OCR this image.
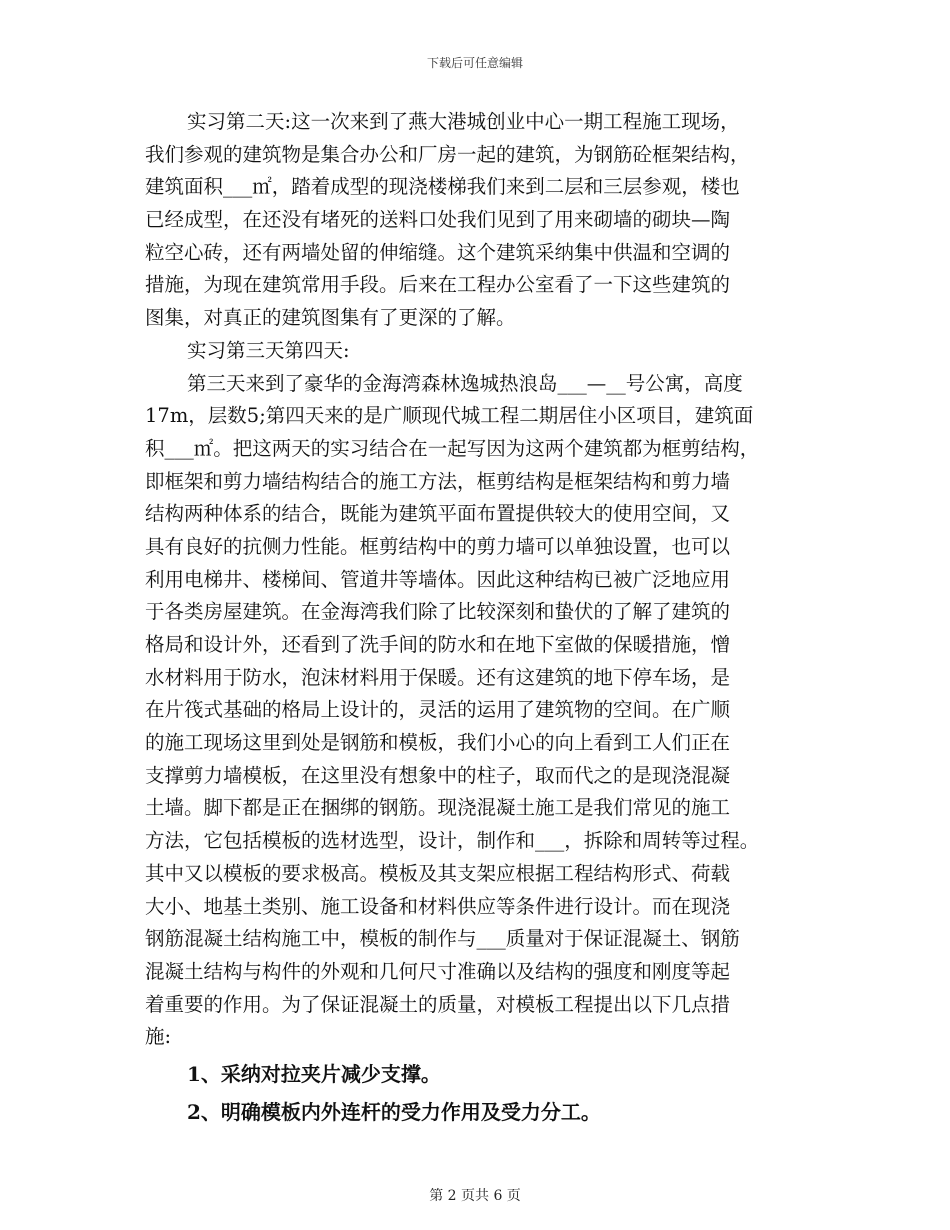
下载后可任意编辑
实习第二天:这一次来到了燕大港城创业中心一期工程施工现场，
我们参观的建筑物是集合办公和厂房一起的建筑，为钢筋砼框架结构，
建筑面积___㎡，踏着成型的现浇楼梯我们来到二层和三层参观，楼也
已经成型，在还没有堵死的送料口处我们见到了用来砌墙的砌块—陶
粒空心砖，还有两墙处留的伸缩缝。这个建筑采纳集中供温和空调的
措施，为现在建筑常用手段。后来在工程办公室看了一下这些建筑的
图集，对真正的建筑图集有了更深的了解。
实习第三天第四天:
第三天来到了豪华的金海湾森林逸城热浪岛___—__号公寓，高度
17m，层数5;第四天来的是广顺现代城工程二期居住小区项目，建筑面
积___㎡。把这两天的实习结合在一起写因为这两个建筑都为框剪结构，
即框架和剪力墙结构结合的施工方法，框剪结构是框架结构和剪力墙
结构两种体系的结合，既能为建筑平面布置提供较大的使用空间，又
具有良好的抗侧力性能。框剪结构中的剪力墙可以单独设置，也可以
利用电梯井、楼梯间、管道井等墙体。因此这种结构已被广泛地应用
于各类房屋建筑。在金海湾我们除了比较深刻和蛰伏的了解了建筑的
格局和设计外，还看到了洗手间的防水和在地下室做的保暖措施，憎
水材料用于防水，泡沫材料用于保暖。还有这建筑的地下停车场，是
在片筏式基础的格局上设计的，灵活的运用了建筑物的空间。在广顺
的施工现场这里到处是钢筋和模板，我们小心的向上看到工人们正在
支撑剪力墙模板，在这里没有想象中的柱子，取而代之的是现浇混凝
土墙。脚下都是正在捆绑的钢筋。现浇混凝土施工是我们常见的施工
方法，它包括模板的选材选型，设计，制作和___，拆除和周转等过程。
其中又以模板的要求极高。模板及其支架应根据工程结构形式、荷载
大小、地基土类别、施工设备和材料供应等条件进行设计。而在现浇
钢筋混凝土结构施工中，模板的制作与___质量对于保证混凝土、钢筋
混凝土结构与构件的外观和几何尺寸准确以及结构的强度和刚度等起
着重要的作用。为了保证混凝土的质量，对模板工程提出以下几点措
施:
1、采纳对拉夹片减少支撑。
2、明确模板内外连杆的受力作用及受力分工。
第 2 页共 6 页
